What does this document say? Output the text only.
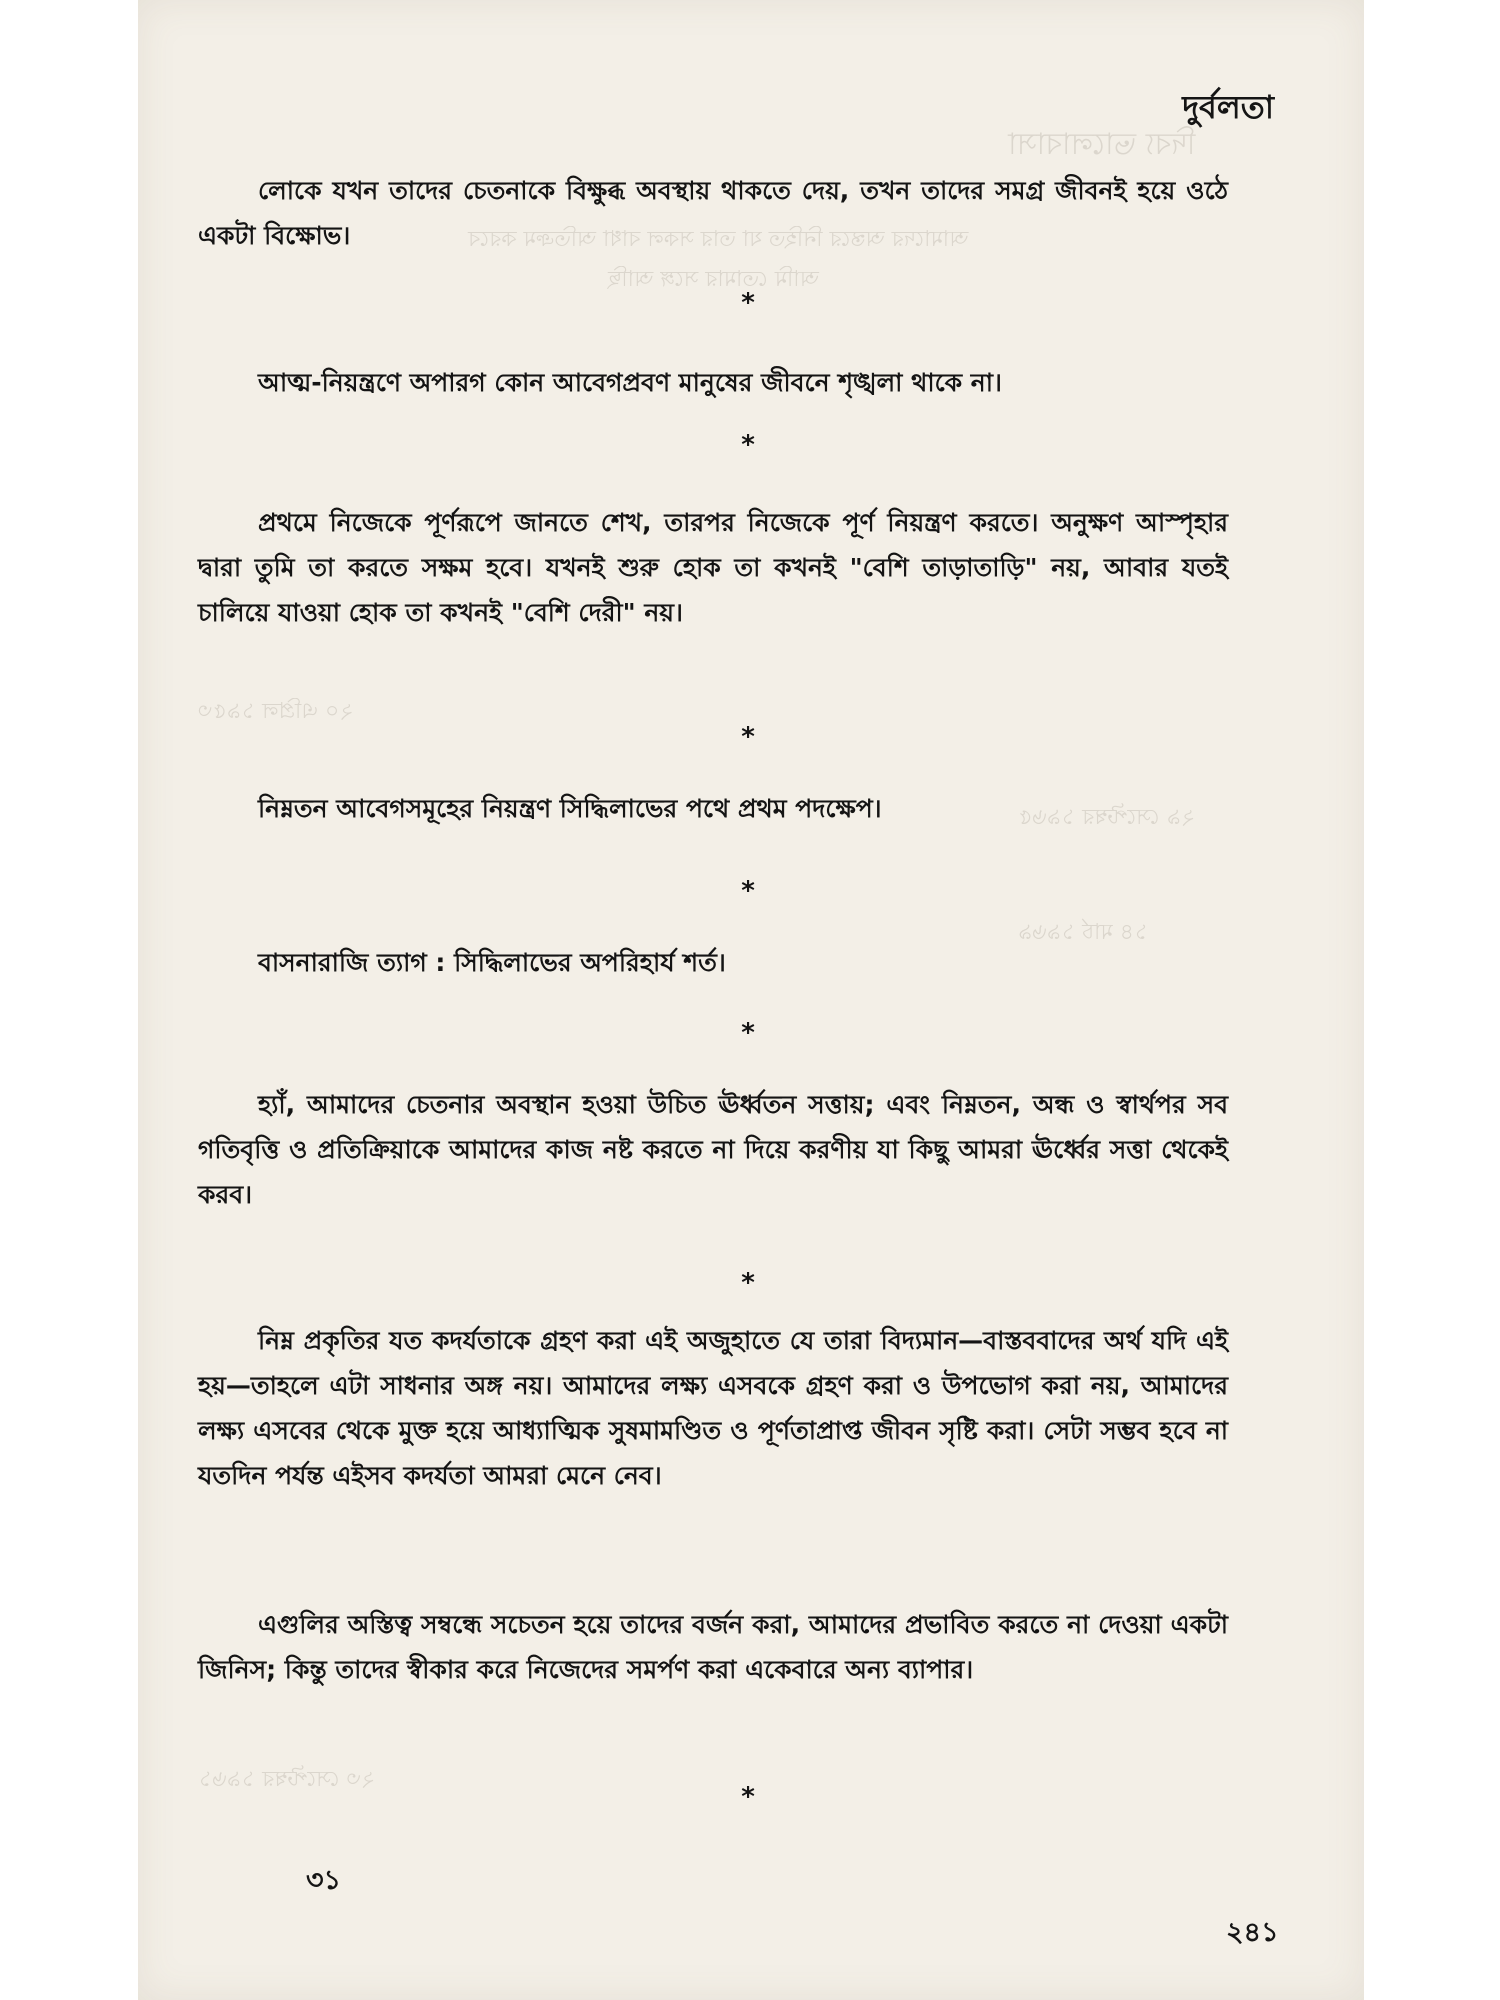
দিব্য ভালোবাসা
আমাদের অন্তরে নিহিত যা তার সকল বাধা অতিক্রম করবে
আমি তোমার সঙ্গে আছি
২০ এপ্রিল ১৯৫৩
২৯ সেপ্টেম্বর ১৯৬৫
১৪ মার্চ ১৯৬৯
২৩ সেপ্টেম্বর ১৯৬১
দুর্বলতা

লোকে যখন তাদের চেতনাকে বিক্ষুব্ধ অবস্থায় থাকতে দেয়, তখন তাদের সমগ্র জীবনই হয়ে ওঠে একটা বিক্ষোভ।

*

আত্ম-নিয়ন্ত্রণে অপারগ কোন আবেগপ্রবণ মানুষের জীবনে শৃঙ্খলা থাকে না।

*

প্রথমে নিজেকে পূর্ণরূপে জানতে শেখ, তারপর নিজেকে পূর্ণ নিয়ন্ত্রণ করতে। অনুক্ষণ আস্পৃহার দ্বারা তুমি তা করতে সক্ষম হবে। যখনই শুরু হোক তা কখনই "বেশি তাড়াতাড়ি" নয়, আবার যতই চালিয়ে যাওয়া হোক তা কখনই "বেশি দেরী" নয়।

*

নিম্নতন আবেগসমূহের নিয়ন্ত্রণ সিদ্ধিলাভের পথে প্রথম পদক্ষেপ।

*

বাসনারাজি ত্যাগ : সিদ্ধিলাভের অপরিহার্য শর্ত।

*

হ্যাঁ, আমাদের চেতনার অবস্থান হওয়া উচিত ঊর্ধ্বতন সত্তায়; এবং নিম্নতন, অন্ধ ও স্বার্থপর সব গতিবৃত্তি ও প্রতিক্রিয়াকে আমাদের কাজ নষ্ট করতে না দিয়ে করণীয় যা কিছু আমরা ঊর্ধ্বের সত্তা থেকেই করব।

*

নিম্ন প্রকৃতির যত কদর্যতাকে গ্রহণ করা এই অজুহাতে যে তারা বিদ্যমান—বাস্তববাদের অর্থ যদি এই হয়—তাহলে এটা সাধনার অঙ্গ নয়। আমাদের লক্ষ্য এসবকে গ্রহণ করা ও উপভোগ করা নয়, আমাদের লক্ষ্য এসবের থেকে মুক্ত হয়ে আধ্যাত্মিক সুষমামণ্ডিত ও পূর্ণতাপ্রাপ্ত জীবন সৃষ্টি করা। সেটা সম্ভব হবে না যতদিন পর্যন্ত এইসব কদর্যতা আমরা মেনে নেব।

এগুলির অস্তিত্ব সম্বন্ধে সচেতন হয়ে তাদের বর্জন করা, আমাদের প্রভাবিত করতে না দেওয়া একটা জিনিস; কিন্তু তাদের স্বীকার করে নিজেদের সমর্পণ করা একেবারে অন্য ব্যাপার।

*
৩১
২৪১
